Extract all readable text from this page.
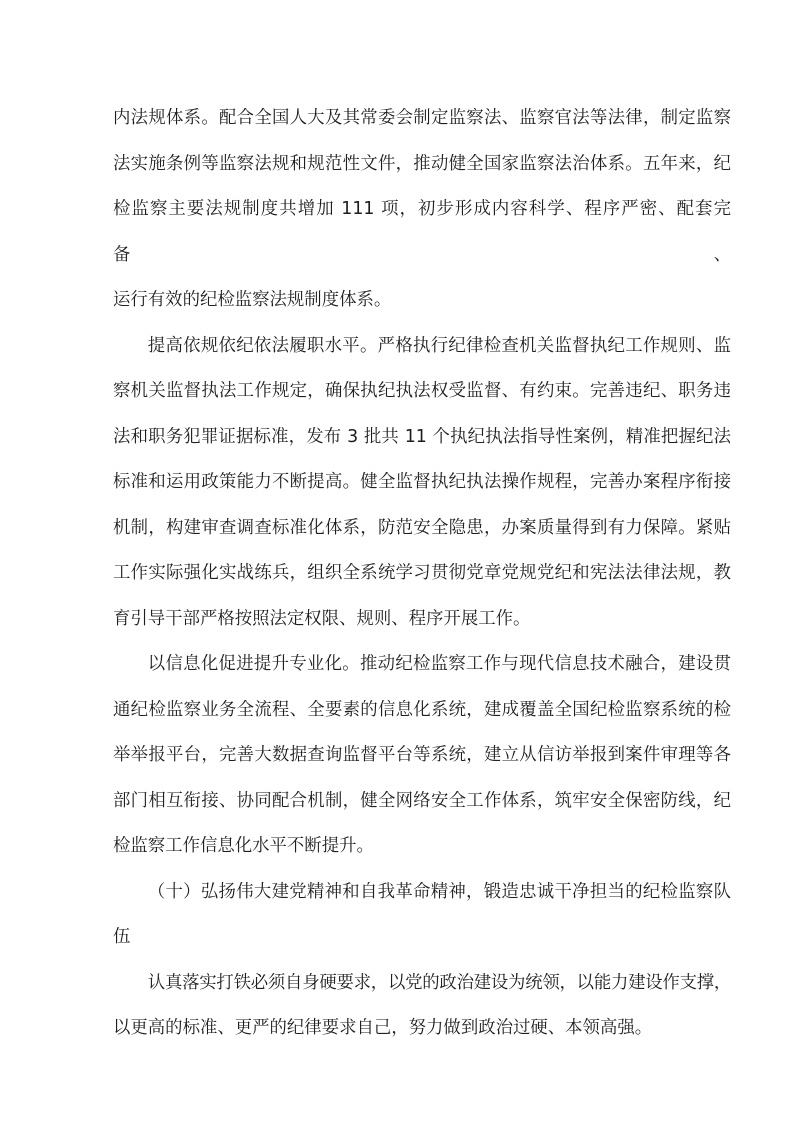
内法规体系。配合全国人大及其常委会制定监察法、监察官法等法律，制定监察
法实施条例等监察法规和规范性文件，推动健全国家监察法治体系。五年来，纪
检监察主要法规制度共增加 111 项，初步形成内容科学、程序严密、配套完备、
运行有效的纪检监察法规制度体系。
提高依规依纪依法履职水平。严格执行纪律检查机关监督执纪工作规则、监
察机关监督执法工作规定，确保执纪执法权受监督、有约束。完善违纪、职务违
法和职务犯罪证据标准，发布 3 批共 11 个执纪执法指导性案例，精准把握纪法
标准和运用政策能力不断提高。健全监督执纪执法操作规程，完善办案程序衔接
机制，构建审查调查标准化体系，防范安全隐患，办案质量得到有力保障。紧贴
工作实际强化实战练兵，组织全系统学习贯彻党章党规党纪和宪法法律法规，教
育引导干部严格按照法定权限、规则、程序开展工作。
以信息化促进提升专业化。推动纪检监察工作与现代信息技术融合，建设贯
通纪检监察业务全流程、全要素的信息化系统，建成覆盖全国纪检监察系统的检
举举报平台，完善大数据查询监督平台等系统，建立从信访举报到案件审理等各
部门相互衔接、协同配合机制，健全网络安全工作体系，筑牢安全保密防线，纪
检监察工作信息化水平不断提升。
（十）弘扬伟大建党精神和自我革命精神，锻造忠诚干净担当的纪检监察队
伍
认真落实打铁必须自身硬要求，以党的政治建设为统领，以能力建设作支撑，
以更高的标准、更严的纪律要求自己，努力做到政治过硬、本领高强。
